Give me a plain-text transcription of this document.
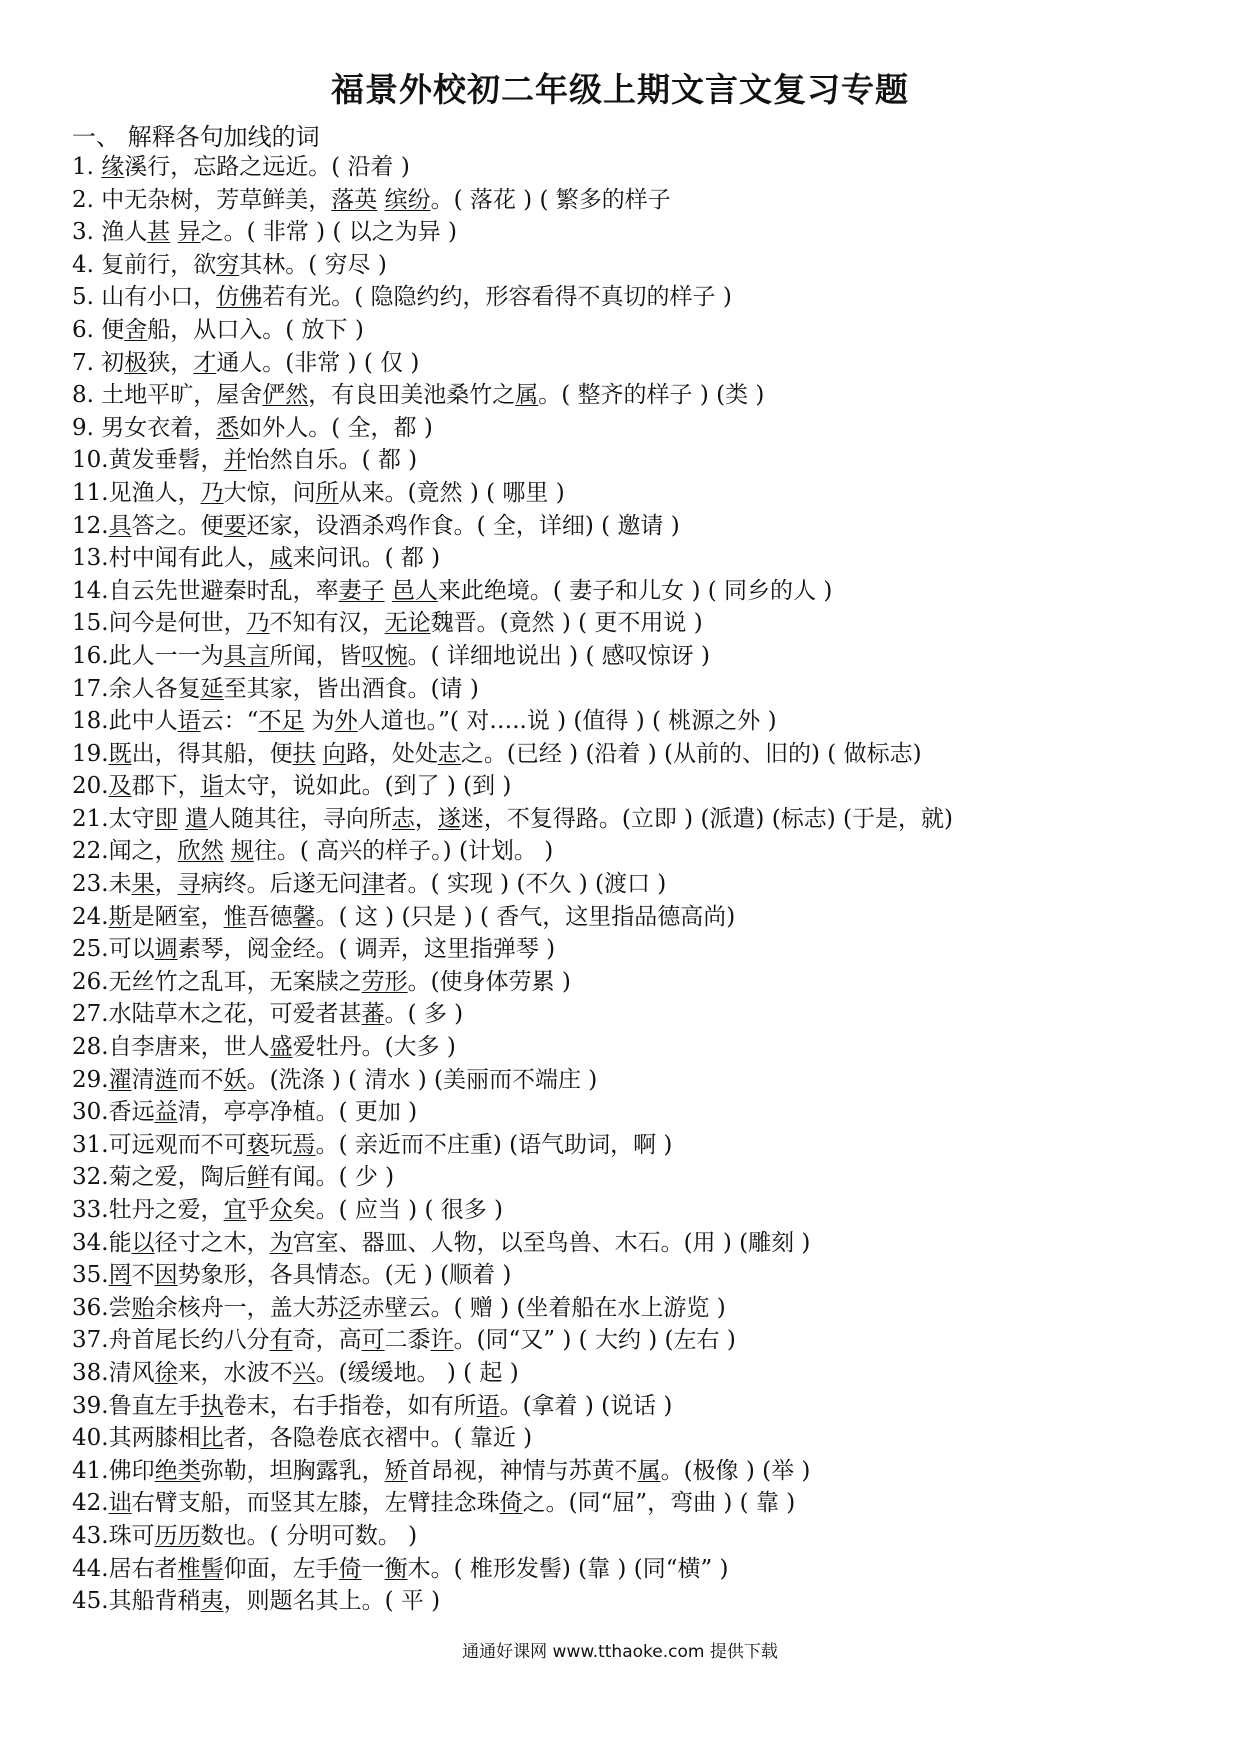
福景外校初二年级上期文言文复习专题
一、 解释各句加线的词
1. 缘溪行，忘路之远近。( 沿着 )
2. 中无杂树，芳草鲜美，落英 缤纷。( 落花 ) ( 繁多的样子
3. 渔人甚 异之。( 非常 ) ( 以之为异 )
4. 复前行，欲穷其林。( 穷尽 )
5. 山有小口，仿佛若有光。( 隐隐约约，形容看得不真切的样子 )
6. 便舍船，从口入。( 放下 )
7. 初极狭，才通人。(非常 ) ( 仅 )
8. 土地平旷，屋舍俨然，有良田美池桑竹之属。( 整齐的样子 ) (类 )
9. 男女衣着，悉如外人。( 全，都 )
10.黄发垂髫，并怡然自乐。( 都 )
11.见渔人，乃大惊，问所从来。(竟然 ) ( 哪里 )
12.具答之。便要还家，设酒杀鸡作食。( 全，详细) ( 邀请 )
13.村中闻有此人，咸来问讯。( 都 )
14.自云先世避秦时乱，率妻子 邑人来此绝境。( 妻子和儿女 ) ( 同乡的人 )
15.问今是何世，乃不知有汉，无论魏晋。(竟然 ) ( 更不用说 )
16.此人一一为具言所闻，皆叹惋。( 详细地说出 ) ( 感叹惊讶 )
17.余人各复延至其家，皆出酒食。(请 )
18.此中人语云：“不足 为外人道也。”( 对…..说 ) (值得 ) ( 桃源之外 )
19.既出，得其船，便扶 向路，处处志之。(已经 ) (沿着 ) (从前的、旧的) ( 做标志)
20.及郡下，诣太守，说如此。(到了 ) (到 )
21.太守即 遣人随其往，寻向所志，遂迷，不复得路。(立即 ) (派遣) (标志) (于是，就)
22.闻之，欣然 规往。( 高兴的样子。) (计划。 )
23.未果，寻病终。后遂无问津者。( 实现 ) (不久 ) (渡口 )
24.斯是陋室，惟吾德馨。( 这 ) (只是 ) ( 香气，这里指品德高尚)
25.可以调素琴，阅金经。( 调弄，这里指弹琴 )
26.无丝竹之乱耳，无案牍之劳形。(使身体劳累 )
27.水陆草木之花，可爱者甚蕃。( 多 )
28.自李唐来，世人盛爱牡丹。(大多 )
29.濯清涟而不妖。(洗涤 ) ( 清水 ) (美丽而不端庄 )
30.香远益清，亭亭净植。( 更加 )
31.可远观而不可亵玩焉。( 亲近而不庄重) (语气助词，啊 )
32.菊之爱，陶后鲜有闻。( 少 )
33.牡丹之爱，宜乎众矣。( 应当 ) ( 很多 )
34.能以径寸之木，为宫室、器皿、人物，以至鸟兽、木石。(用 ) (雕刻 )
35.罔不因势象形，各具情态。(无 ) (顺着 )
36.尝贻余核舟一，盖大苏泛赤壁云。( 赠 ) (坐着船在水上游览 )
37.舟首尾长约八分有奇，高可二黍许。(同“又” ) ( 大约 ) (左右 )
38.清风徐来，水波不兴。(缓缓地。 ) ( 起 )
39.鲁直左手执卷末，右手指卷，如有所语。(拿着 ) (说话 )
40.其两膝相比者，各隐卷底衣褶中。( 靠近 )
41.佛印绝类弥勒，坦胸露乳，矫首昂视，神情与苏黄不属。(极像 ) (举 )
42.诎右臂支船，而竖其左膝，左臂挂念珠倚之。(同“屈”，弯曲 ) ( 靠 )
43.珠可历历数也。( 分明可数。 )
44.居右者椎髻仰面，左手倚一衡木。( 椎形发髻) (靠 ) (同“横” )
45.其船背稍夷，则题名其上。( 平 )
通通好课网 www.tthaoke.com 提供下载
